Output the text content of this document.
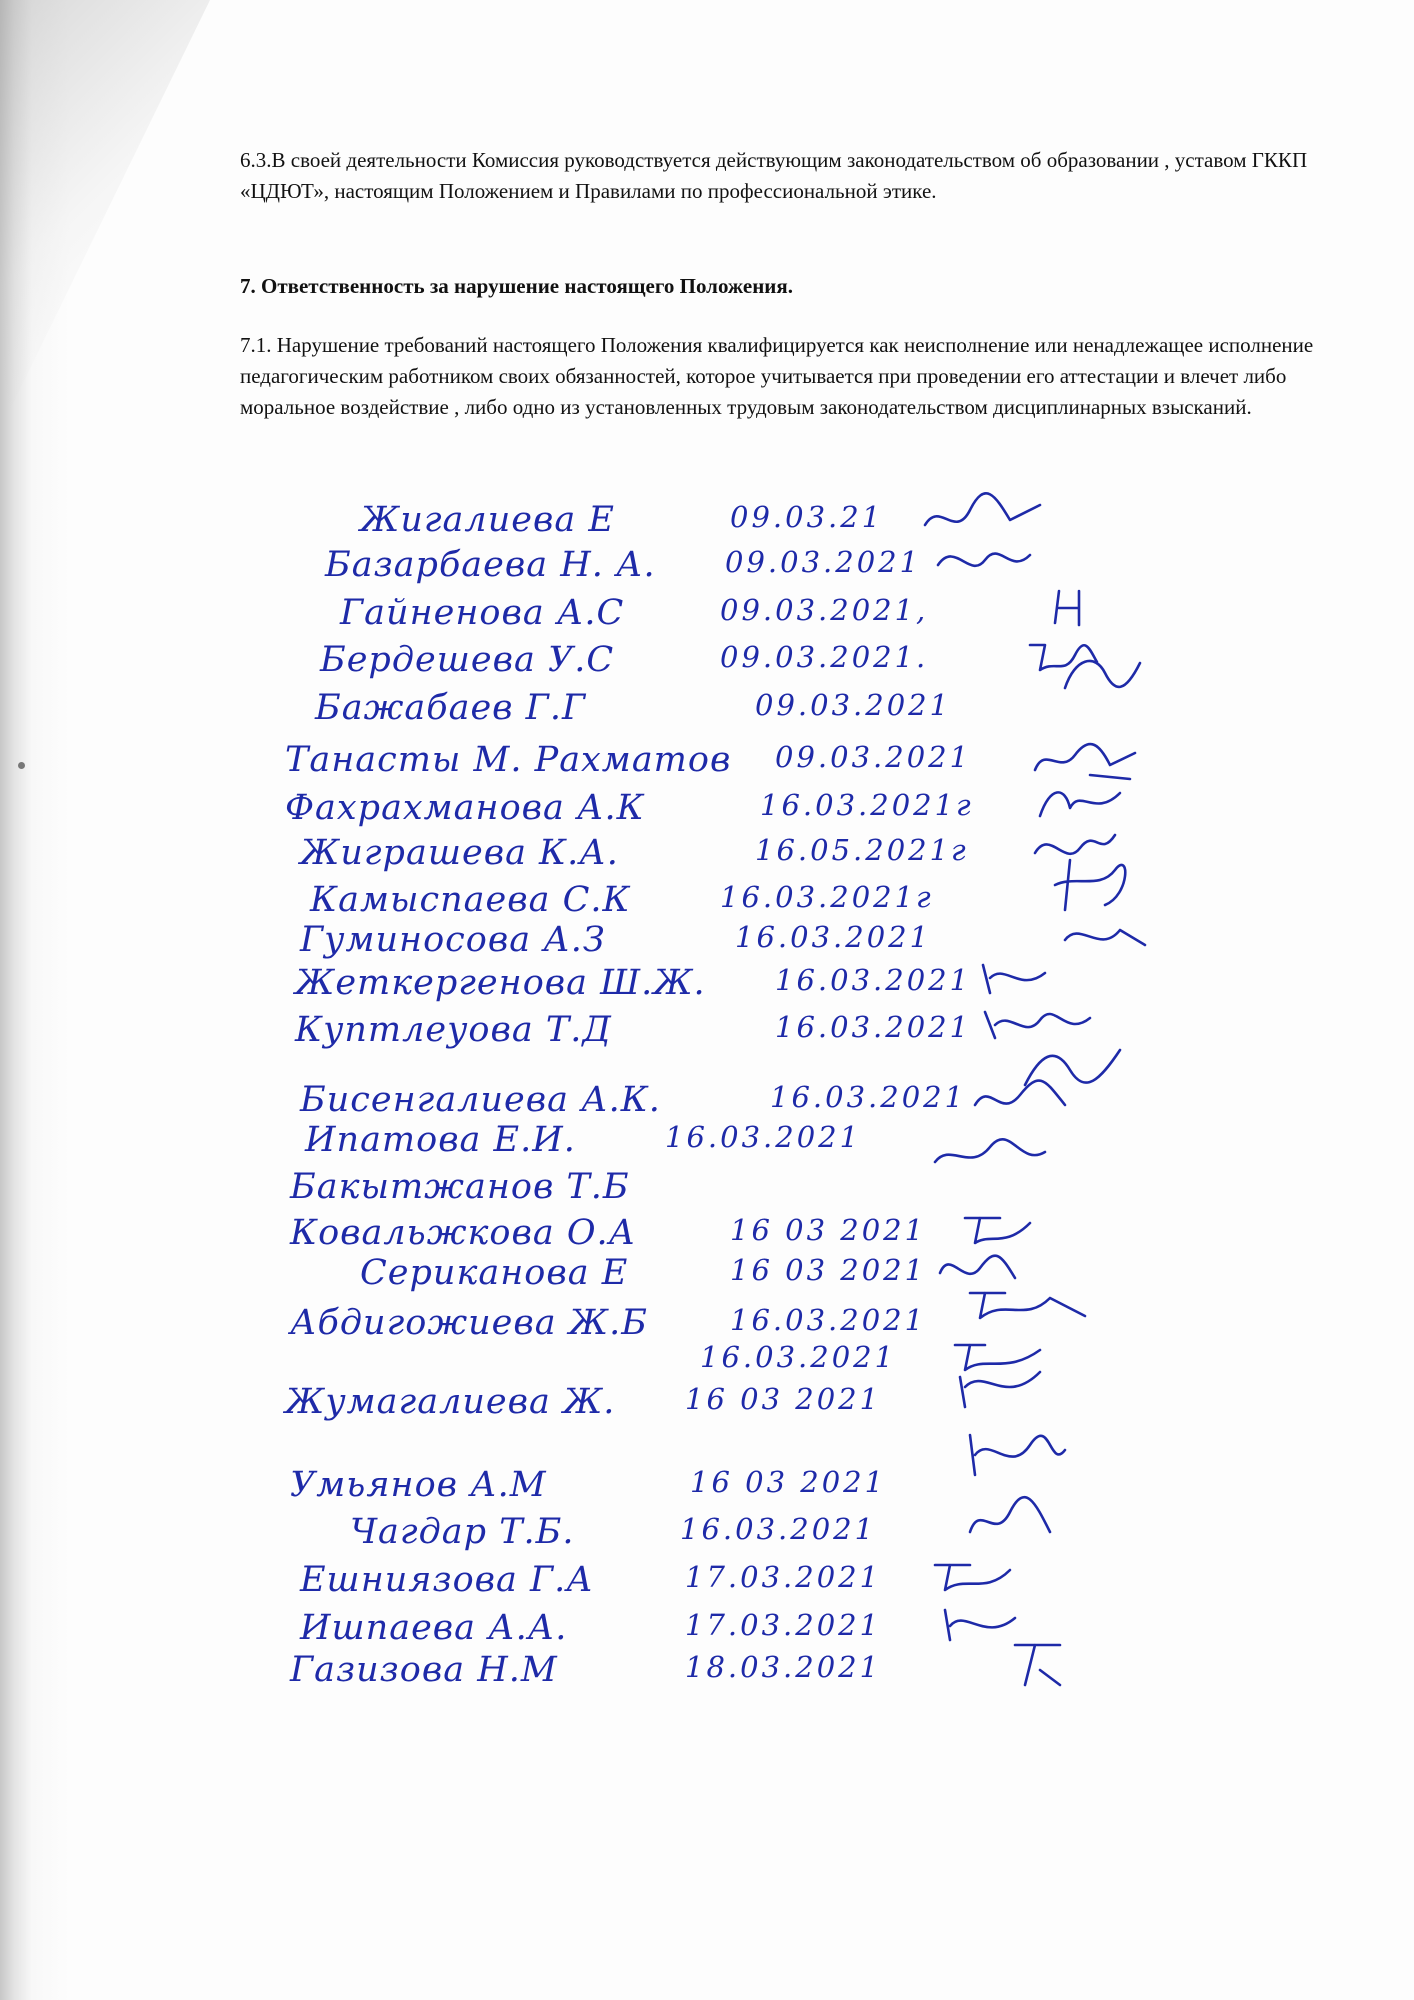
6.3.В своей деятельности Комиссия руководствуется действующим законодательством об образовании , уставом ГККП «ЦДЮТ», настоящим Положением и Правилами по профессиональной этике.

7. Ответственность за нарушение настоящего Положения.

7.1. Нарушение требований настоящего Положения квалифицируется как неисполнение или ненадлежащее исполнение педагогическим работником своих обязанностей, которое учитывается при проведении его аттестации и влечет либо моральное воздействие , либо одно из установленных трудовым законодательством дисциплинарных взысканий.

Жигалиева Е	09.03.21
Базарбаева Н. А. 09.03.2021
Гайненова А.С	09.03.2021,
Бердешева У.С	09.03.2021.
Бажабаев Г.Г	09.03.2021
Танасты М. Рахматов 09.03.2021
Фахрахманова А.К	16.03.2021г
Жиграшева К.А.	16.05.2021г
Камыспаева С.К	16.03.2021г
Гуминосова А.З	16.03.2021
Жеткергенова Ш.Ж. 16.03.2021
Куптлеуова Т.Д	16.03.2021
Бисенгалиева А.К.	16.03.2021
Ипатова Е.И.	16.03.2021
Бакытжанов Т.Б
Ковальжкова О.А	16 03 2021
Сериканова Е	16 03 2021
Абдигожиева Ж.Б	16.03.2021
16.03.2021
Жумагалиева Ж. 16 03 2021
Умьянов А.М	16 03 2021
Чагдар Т.Б.	16.03.2021
Ешниязова Г.А	17.03.2021
Ишпаева А.А.	17.03.2021
Газизова Н.М	18.03.2021
